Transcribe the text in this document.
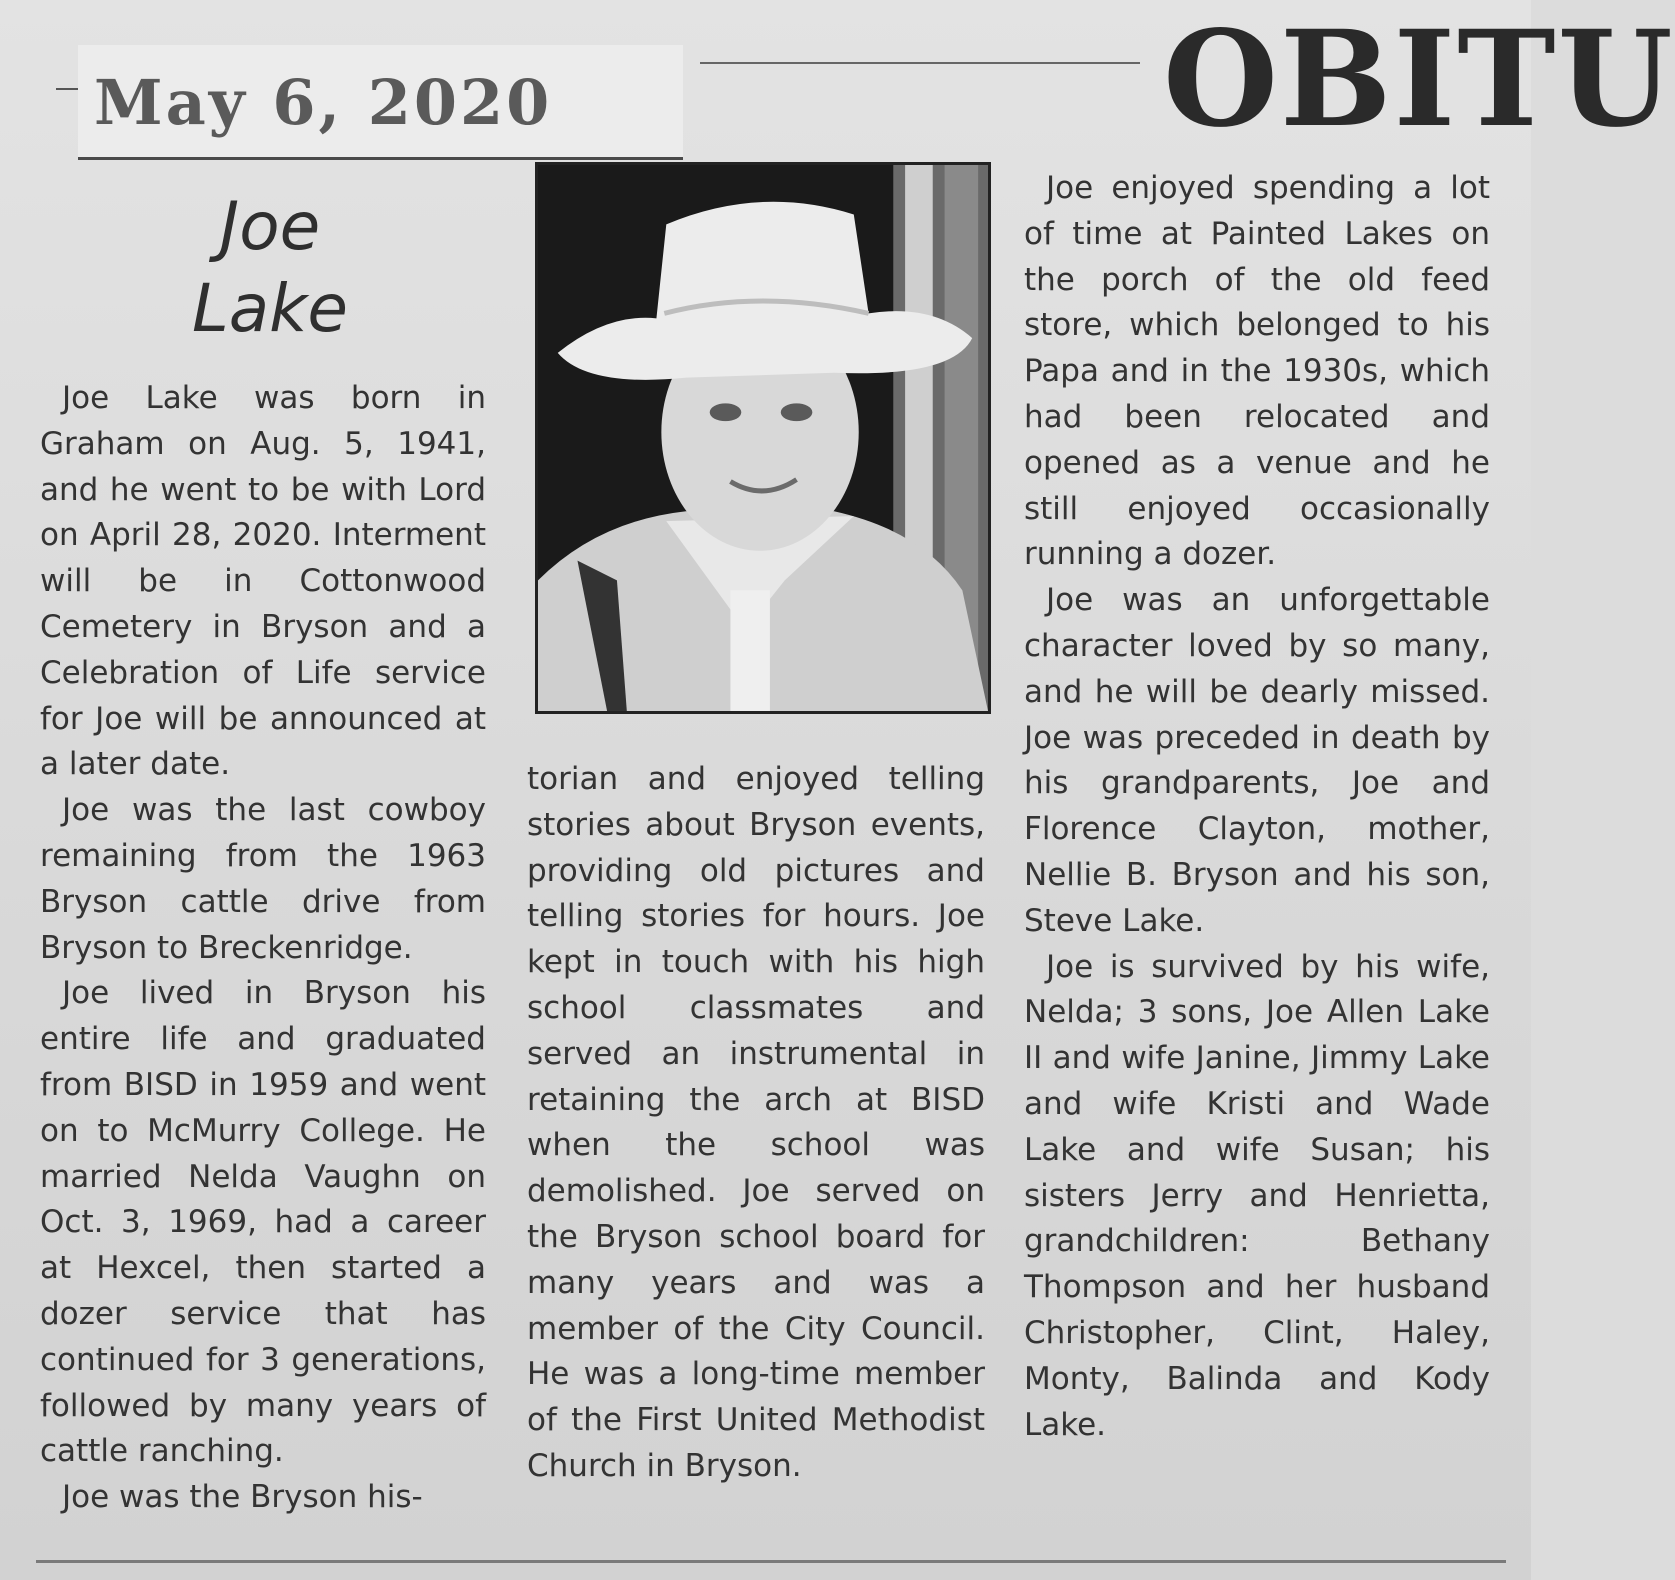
May 6, 2020	OBITU
Joe
Lake

Joe Lake was born in Graham on Aug. 5, 1941, and he went to be with Lord on April 28, 2020. Interment will be in Cottonwood Cemetery in Bryson and a Celebration of Life service for Joe will be announced at a later date.

Joe was the last cowboy remaining from the 1963 Bryson cattle drive from Bryson to Breckenridge.

Joe lived in Bryson his entire life and graduated from BISD in 1959 and went on to McMurry College. He married Nelda Vaughn on Oct. 3, 1969, had a career at Hexcel, then started a dozer service that has continued for 3 generations, followed by many years of cattle ranching.

Joe was the Bryson his-

torian and enjoyed telling stories about Bryson events, providing old pictures and telling stories for hours. Joe kept in touch with his high school classmates and served an instrumental in retaining the arch at BISD when the school was demolished. Joe served on the Bryson school board for many years and was a member of the City Council. He was a long-time member of the First United Methodist Church in Bryson.

Joe enjoyed spending a lot of time at Painted Lakes on the porch of the old feed store, which belonged to his Papa and in the 1930s, which had been relocated and opened as a venue and he still enjoyed occasionally running a dozer.

Joe was an unforgettable character loved by so many, and he will be dearly missed. Joe was preceded in death by his grandparents, Joe and Florence Clayton, mother, Nellie B. Bryson and his son, Steve Lake.

Joe is survived by his wife, Nelda; 3 sons, Joe Allen Lake II and wife Janine, Jimmy Lake and wife Kristi and Wade Lake and wife Susan; his sisters Jerry and Henrietta, grandchildren: Bethany Thompson and her husband Christopher, Clint, Haley, Monty, Balinda and Kody Lake.
